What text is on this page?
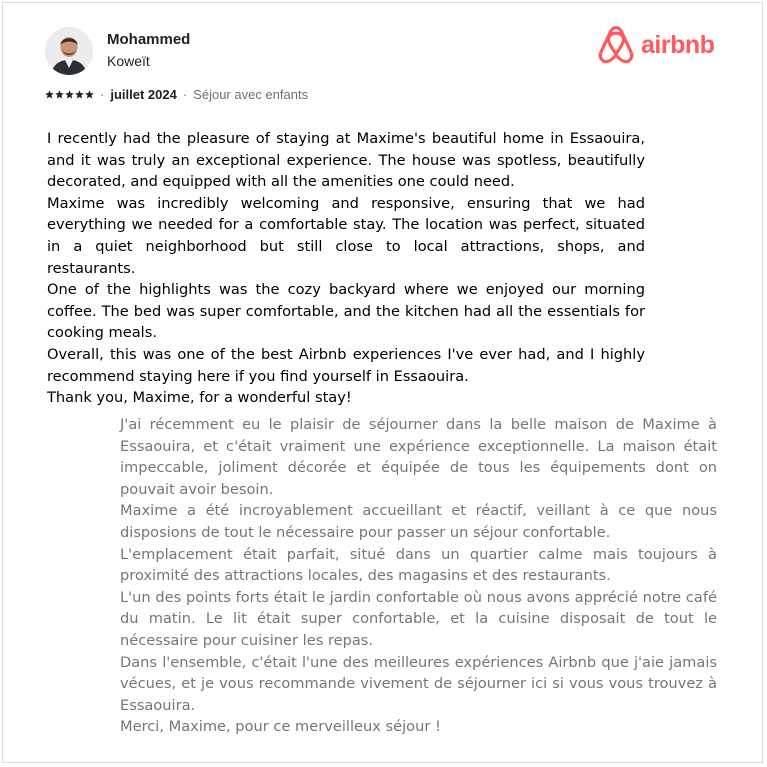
Mohammed
Koweït
airbnb
· juillet 2024 · Séjour avec enfants

I recently had the pleasure of staying at Maxime's beautiful home in Essaouira, and it was truly an exceptional experience. The house was spotless, beautifully decorated, and equipped with all the amenities one could need.

Maxime was incredibly welcoming and responsive, ensuring that we had everything we needed for a comfortable stay. The location was perfect, situated in a quiet neighborhood but still close to local attractions, shops, and restaurants.

One of the highlights was the cozy backyard where we enjoyed our morning coffee. The bed was super comfortable, and the kitchen had all the essentials for cooking meals.

Overall, this was one of the best Airbnb experiences I've ever had, and I highly recommend staying here if you find yourself in Essaouira.

Thank you, Maxime, for a wonderful stay!

J'ai récemment eu le plaisir de séjourner dans la belle maison de Maxime à Essaouira, et c'était vraiment une expérience exceptionnelle. La maison était impeccable, joliment décorée et équipée de tous les équipements dont on pouvait avoir besoin.

Maxime a été incroyablement accueillant et réactif, veillant à ce que nous disposions de tout le nécessaire pour passer un séjour confortable.

L'emplacement était parfait, situé dans un quartier calme mais toujours à proximité des attractions locales, des magasins et des restaurants.

L'un des points forts était le jardin confortable où nous avons apprécié notre café du matin. Le lit était super confortable, et la cuisine disposait de tout le nécessaire pour cuisiner les repas.

Dans l'ensemble, c'était l'une des meilleures expériences Airbnb que j'aie jamais vécues, et je vous recommande vivement de séjourner ici si vous vous trouvez à Essaouira.

Merci, Maxime, pour ce merveilleux séjour !
